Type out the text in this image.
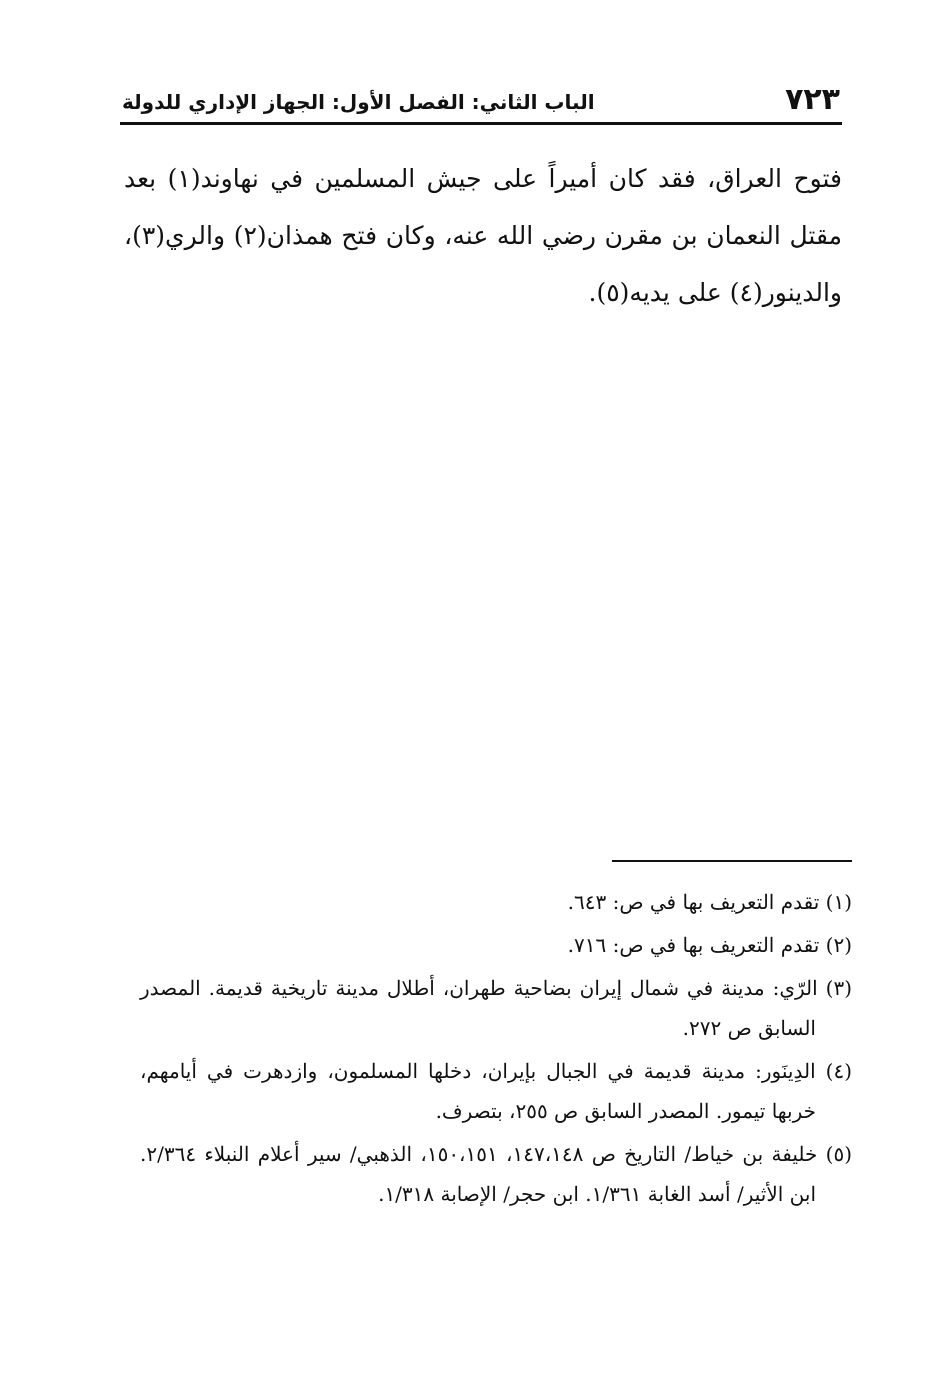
٧٢٣
الباب الثاني: الفصل الأول: الجهاز الإداري للدولة
فتوح العراق، فقد كان أميراً على جيش المسلمين في نهاوند(١) بعد مقتل النعمان بن مقرن رضي الله عنه، وكان فتح همذان(٢) والري(٣)، والدينور(٤) على يديه(٥).

(١) تقدم التعريف بها في ص: ٦٤٣.

(٢) تقدم التعريف بها في ص: ٧١٦.

(٣) الرّي: مدينة في شمال إيران بضاحية طهران، أطلال مدينة تاريخية قديمة. المصدر السابق ص ٢٧٢.

(٤) الدِينَور: مدينة قديمة في الجبال بإيران، دخلها المسلمون، وازدهرت في أيامهم، خربها تيمور. المصدر السابق ص ٢٥٥، بتصرف.

(٥) خليفة بن خياط/ التاريخ ص ١٤٧،١٤٨، ١٥٠،١٥١، الذهبي/ سير أعلام النبلاء ٢/٣٦٤. ابن الأثير/ أسد الغابة ١/٣٦١. ابن حجر/ الإصابة ١/٣١٨.
